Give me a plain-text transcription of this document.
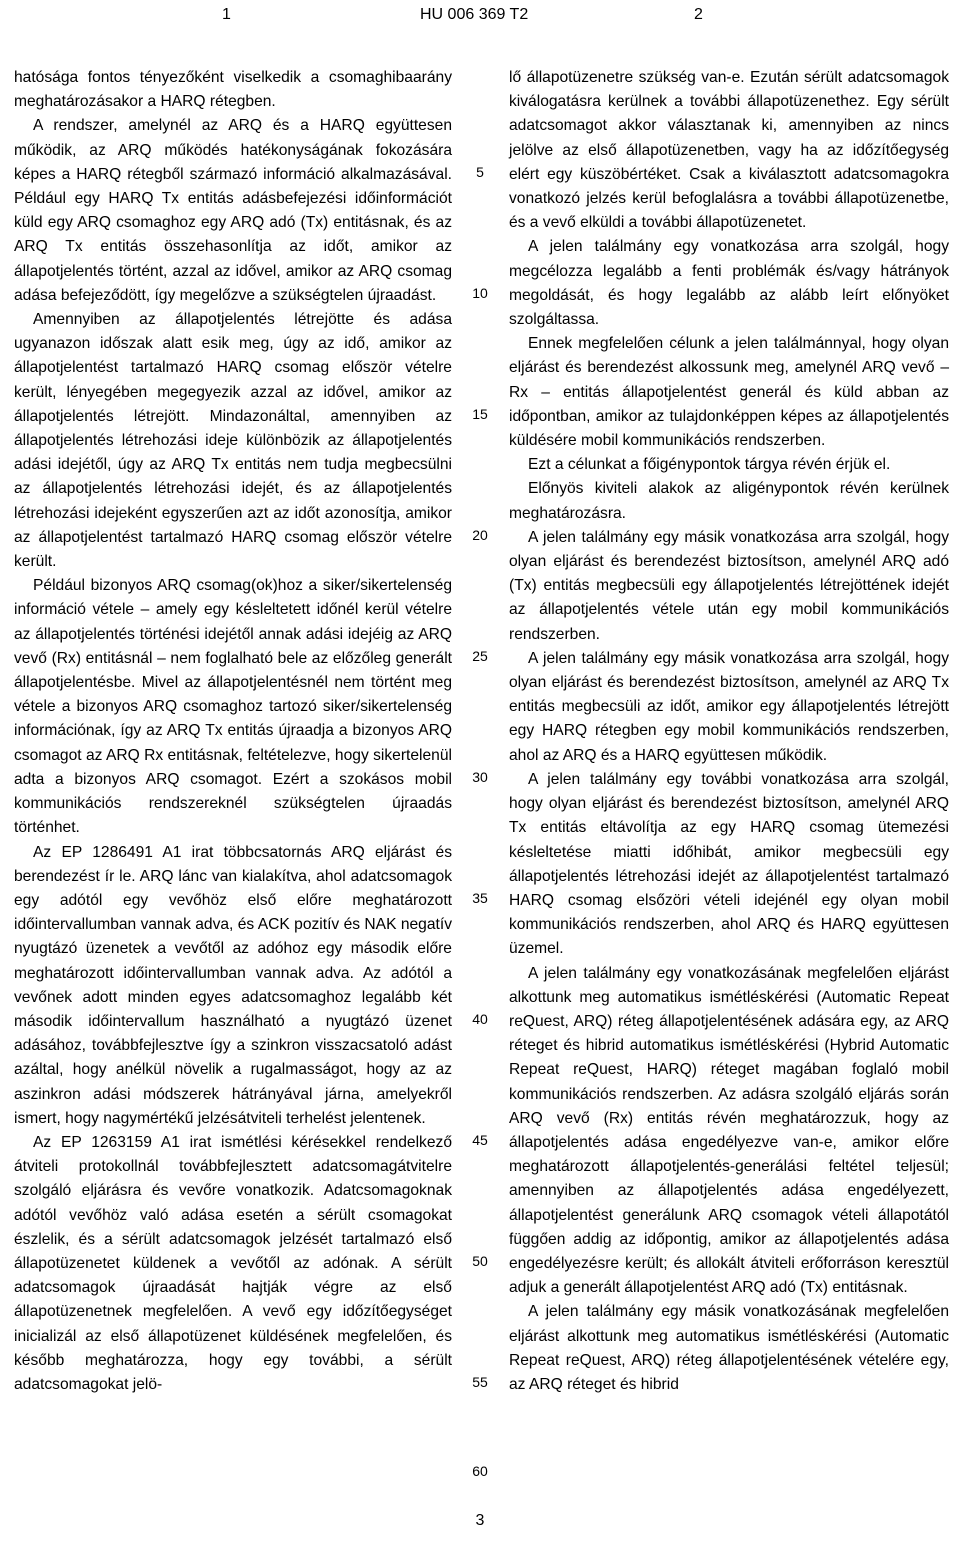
1	HU 006 369 T2	2

hatósága fontos tényezőként viselkedik a csomaghibaarány meghatározásakor a HARQ rétegben.

A rendszer, amelynél az ARQ és a HARQ együttesen működik, az ARQ működés hatékonyságának fokozására képes a HARQ rétegből származó információ alkalmazásával. Például egy HARQ Tx entitás adásbefejezési időinformációt küld egy ARQ csomaghoz egy ARQ adó (Tx) entitásnak, és az ARQ Tx entitás összehasonlítja az időt, amikor az állapotjelentés történt, azzal az idővel, amikor az ARQ csomag adása befejeződött, így megelőzve a szükségtelen újraadást.

Amennyiben az állapotjelentés létrejötte és adása ugyanazon időszak alatt esik meg, úgy az idő, amikor az állapotjelentést tartalmazó HARQ csomag először vételre került, lényegében megegyezik azzal az idővel, amikor az állapotjelentés létrejött. Mindazonáltal, amennyiben az állapotjelentés létrehozási ideje különbözik az állapotjelentés adási idejétől, úgy az ARQ Tx entitás nem tudja megbecsülni az állapotjelentés létrehozási idejét, és az állapotjelentés létrehozási idejeként egyszerűen azt az időt azonosítja, amikor az állapotjelentést tartalmazó HARQ csomag először vételre került.

Például bizonyos ARQ csomag(ok)hoz a siker/sikertelenség információ vétele – amely egy késleltetett időnél kerül vételre az állapotjelentés történési idejétől annak adási idejéig az ARQ vevő (Rx) entitásnál – nem foglalható bele az előzőleg generált állapotjelentésbe. Mivel az állapotjelentésnél nem történt meg vétele a bizonyos ARQ csomaghoz tartozó siker/sikertelenség információnak, így az ARQ Tx entitás újraadja a bizonyos ARQ csomagot az ARQ Rx entitásnak, feltételezve, hogy sikertelenül adta a bizonyos ARQ csomagot. Ezért a szokásos mobil kommunikációs rendszereknél szükségtelen újraadás történhet.

Az EP 1286491 A1 irat többcsatornás ARQ eljárást és berendezést ír le. ARQ lánc van kialakítva, ahol adatcsomagok egy adótól egy vevőhöz első előre meghatározott időintervallumban vannak adva, és ACK pozitív és NAK negatív nyugtázó üzenetek a vevőtől az adóhoz egy második előre meghatározott időintervallumban vannak adva. Az adótól a vevőnek adott minden egyes adatcsomaghoz legalább két második időintervallum használható a nyugtázó üzenet adásához, továbbfejlesztve így a szinkron visszacsatoló adást azáltal, hogy anélkül növelik a rugalmasságot, hogy az az aszinkron adási módszerek hátrányával járna, amelyekről ismert, hogy nagymértékű jelzésátviteli terhelést jelentenek.

Az EP 1263159 A1 irat ismétlési kérésekkel rendelkező átviteli protokollnál továbbfejlesztett adatcsomagátvitelre szolgáló eljárásra és vevőre vonatkozik. Adatcsomagoknak adótól vevőhöz való adása esetén a sérült csomagokat észlelik, és a sérült adatcsomagok jelzését tartalmazó első állapotüzenetet küldenek a vevőtől az adónak. A sérült adatcsomagok újraadását hajtják végre az első állapotüzenetnek megfelelően. A vevő egy időzítőegységet inicializál az első állapotüzenet küldésének megfelelően, és később meghatározza, hogy egy további, a sérült adatcsomagokat jelö-

5
10
15
20
25
30
35
40
45
50
55
60

lő állapotüzenetre szükség van-e. Ezután sérült adatcsomagok kiválogatásra kerülnek a további állapotüzenethez. Egy sérült adatcsomagot akkor választanak ki, amennyiben az nincs jelölve az első állapotüzenetben, vagy ha az időzítőegység elért egy küszöbértéket. Csak a kiválasztott adatcsomagokra vonatkozó jelzés kerül befoglalásra a további állapotüzenetbe, és a vevő elküldi a további állapotüzenetet.

A jelen találmány egy vonatkozása arra szolgál, hogy megcélozza legalább a fenti problémák és/vagy hátrányok megoldását, és hogy legalább az alább leírt előnyöket szolgáltassa.

Ennek megfelelően célunk a jelen találmánnyal, hogy olyan eljárást és berendezést alkossunk meg, amelynél ARQ vevő – Rx – entitás állapotjelentést generál és küld abban az időpontban, amikor az tulajdonképpen képes az állapotjelentés küldésére mobil kommunikációs rendszerben.

Ezt a célunkat a főigénypontok tárgya révén érjük el.

Előnyös kiviteli alakok az aligénypontok révén kerülnek meghatározásra.

A jelen találmány egy másik vonatkozása arra szolgál, hogy olyan eljárást és berendezést biztosítson, amelynél ARQ adó (Tx) entitás megbecsüli egy állapotjelentés létrejöttének idejét az állapotjelentés vétele után egy mobil kommunikációs rendszerben.

A jelen találmány egy másik vonatkozása arra szolgál, hogy olyan eljárást és berendezést biztosítson, amelynél az ARQ Tx entitás megbecsüli az időt, amikor egy állapotjelentés létrejött egy HARQ rétegben egy mobil kommunikációs rendszerben, ahol az ARQ és a HARQ együttesen működik.

A jelen találmány egy további vonatkozása arra szolgál, hogy olyan eljárást és berendezést biztosítson, amelynél ARQ Tx entitás eltávolítja az egy HARQ csomag ütemezési késleltetése miatti időhibát, amikor megbecsüli egy állapotjelentés létrehozási idejét az állapotjelentést tartalmazó HARQ csomag elsőzöri vételi idejénél egy olyan mobil kommunikációs rendszerben, ahol ARQ és HARQ együttesen üzemel.

A jelen találmány egy vonatkozásának megfelelően eljárást alkottunk meg automatikus ismétléskérési (Automatic Repeat reQuest, ARQ) réteg állapotjelentésének adására egy, az ARQ réteget és hibrid automatikus ismétléskérési (Hybrid Automatic Repeat reQuest, HARQ) réteget magában foglaló mobil kommunikációs rendszerben. Az adásra szolgáló eljárás során ARQ vevő (Rx) entitás révén meghatározzuk, hogy az állapotjelentés adása engedélyezve van-e, amikor előre meghatározott állapotjelentés-generálási feltétel teljesül; amennyiben az állapotjelentés adása engedélyezett, állapotjelentést generálunk ARQ csomagok vételi állapotától függően addig az időpontig, amikor az állapotjelentés adása engedélyezésre került; és allokált átviteli erőforráson keresztül adjuk a generált állapotjelentést ARQ adó (Tx) entitásnak.

A jelen találmány egy másik vonatkozásának megfelelően eljárást alkottunk meg automatikus ismétléskérési (Automatic Repeat reQuest, ARQ) réteg állapotjelentésének vételére egy, az ARQ réteget és hibrid

3
